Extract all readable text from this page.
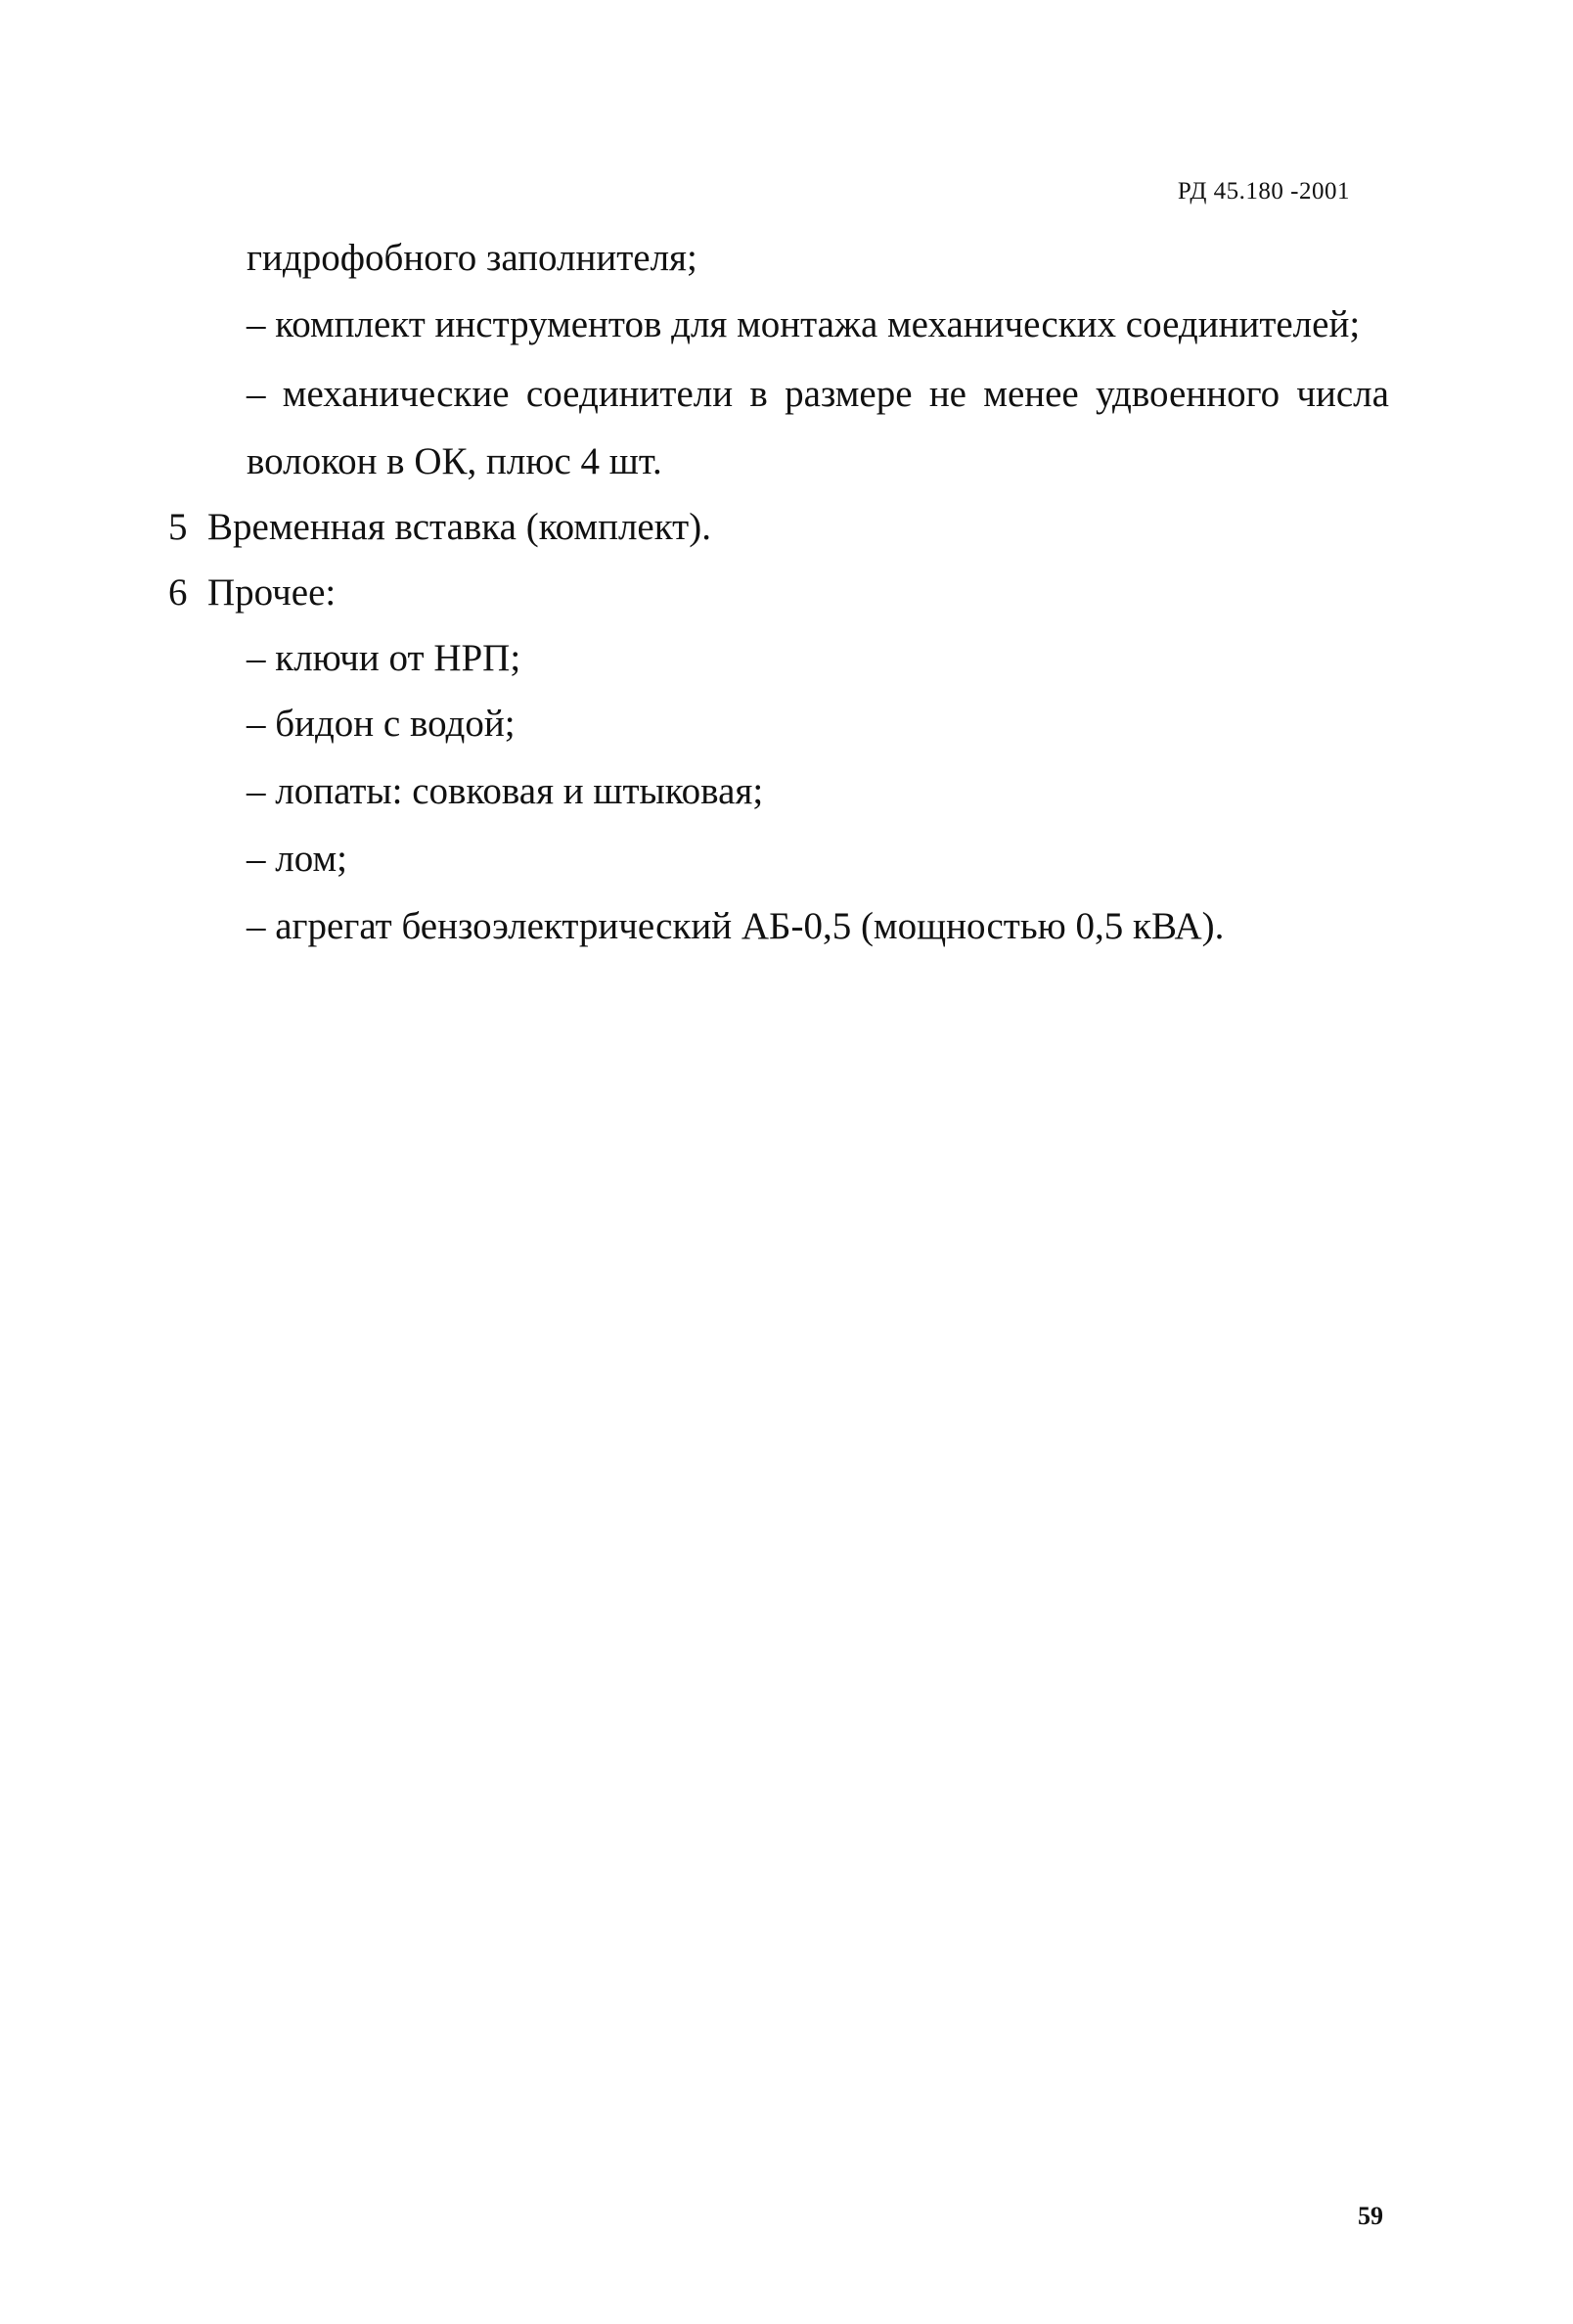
РД 45.180 -2001
гидрофобного заполнителя;
– комплект инструментов для монтажа механических соединителей;
– механические соединители в размере не менее удвоенного числа
волокон в ОК, плюс 4 шт.
5 Временная вставка (комплект).
6 Прочее:
– ключи от НРП;
– бидон с водой;
– лопаты: совковая и штыковая;
– лом;
– агрегат бензоэлектрический АБ-0,5 (мощностью 0,5 кВА).
59
